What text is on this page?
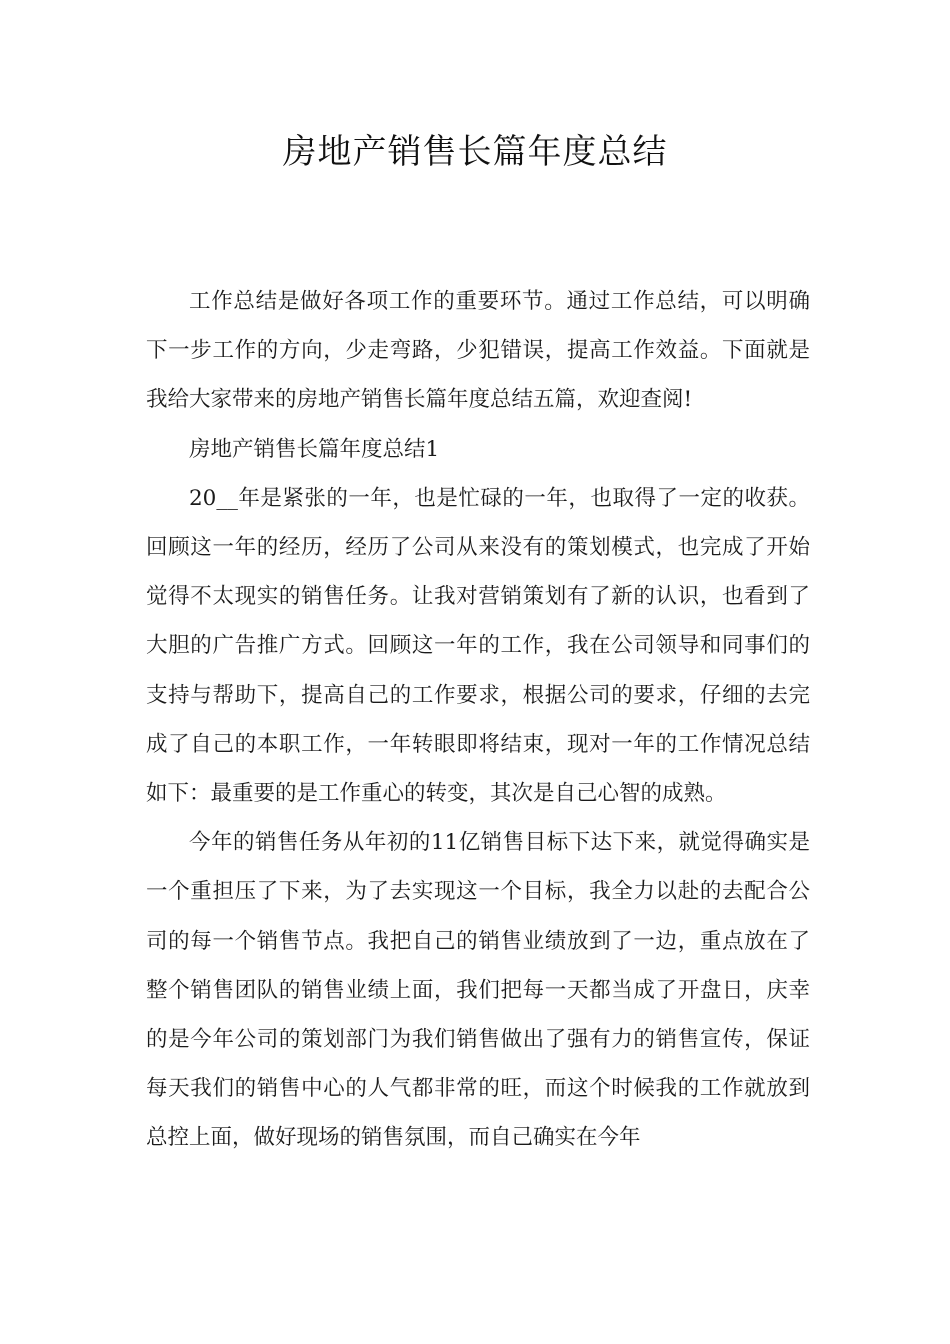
房地产销售长篇年度总结

工作总结是做好各项工作的重要环节。通过工作总结，可以明确下一步工作的方向，少走弯路，少犯错误，提高工作效益。下面就是我给大家带来的房地产销售长篇年度总结五篇，欢迎查阅!

房地产销售长篇年度总结1

20__年是紧张的一年，也是忙碌的一年，也取得了一定的收获。回顾这一年的经历，经历了公司从来没有的策划模式，也完成了开始觉得不太现实的销售任务。让我对营销策划有了新的认识，也看到了大胆的广告推广方式。回顾这一年的工作，我在公司领导和同事们的支持与帮助下，提高自己的工作要求，根据公司的要求，仔细的去完成了自己的本职工作，一年转眼即将结束，现对一年的工作情况总结如下：最重要的是工作重心的转变，其次是自己心智的成熟。

今年的销售任务从年初的11亿销售目标下达下来，就觉得确实是一个重担压了下来，为了去实现这一个目标，我全力以赴的去配合公司的每一个销售节点。我把自己的销售业绩放到了一边，重点放在了整个销售团队的销售业绩上面，我们把每一天都当成了开盘日，庆幸的是今年公司的策划部门为我们销售做出了强有力的销售宣传，保证每天我们的销售中心的人气都非常的旺，而这个时候我的工作就放到总控上面，做好现场的销售氛围，而自己确实在今年
